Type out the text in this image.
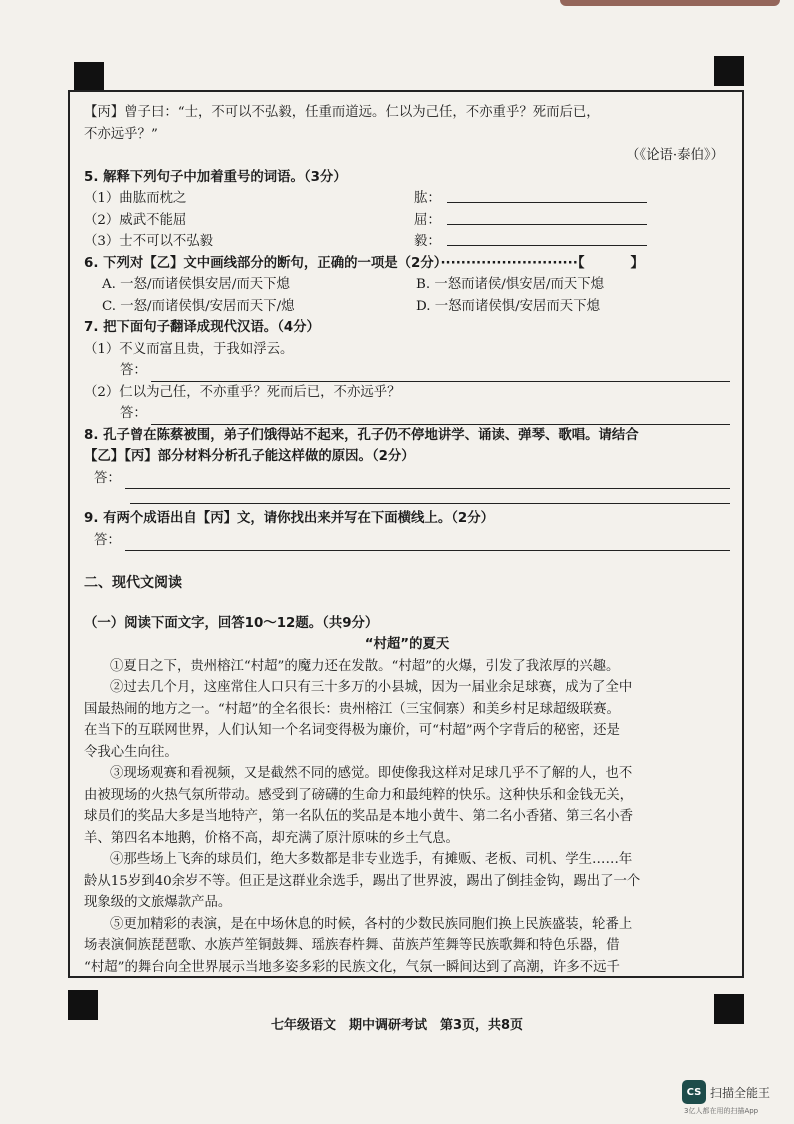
【丙】曾子曰：“士，不可以不弘毅，任重而道远。仁以为己任，不亦重乎？死而后已，
不亦远乎？”
（《论语·泰伯》）
5. 解释下列句子中加着重号的词语。（3分）
（1）曲肱而枕之	肱：
（2）威武不能屈	屈：
（3）士不可以不弘毅	毅：
6. 下列对【乙】文中画线部分的断句，正确的一项是（2分）···························【	】
A. 一怒/而诸侯惧安居/而天下熄	B. 一怒而诸侯/惧安居/而天下熄
C. 一怒/而诸侯惧/安居而天下/熄	D. 一怒而诸侯惧/安居而天下熄
7. 把下面句子翻译成现代汉语。（4分）
（1）不义而富且贵，于我如浮云。
答：
（2）仁以为己任，不亦重乎？死而后已，不亦远乎？
答：
8. 孔子曾在陈蔡被围，弟子们饿得站不起来，孔子仍不停地讲学、诵读、弹琴、歌唱。请结合
【乙】【丙】部分材料分析孔子能这样做的原因。（2分）
答：
9. 有两个成语出自【丙】文，请你找出来并写在下面横线上。（2分）
答：
二、现代文阅读
（一）阅读下面文字，回答10～12题。（共9分）
“村超”的夏天
①夏日之下，贵州榕江“村超”的魔力还在发散。“村超”的火爆，引发了我浓厚的兴趣。
②过去几个月，这座常住人口只有三十多万的小县城，因为一届业余足球赛，成为了全中
国最热闹的地方之一。“村超”的全名很长：贵州榕江（三宝侗寨）和美乡村足球超级联赛。
在当下的互联网世界，人们认知一个名词变得极为廉价，可“村超”两个字背后的秘密，还是
令我心生向往。
③现场观赛和看视频，又是截然不同的感觉。即使像我这样对足球几乎不了解的人，也不
由被现场的火热气氛所带动。感受到了磅礴的生命力和最纯粹的快乐。这种快乐和金钱无关，
球员们的奖品大多是当地特产，第一名队伍的奖品是本地小黄牛、第二名小香猪、第三名小香
羊、第四名本地鹅，价格不高，却充满了原汁原味的乡土气息。
④那些场上飞奔的球员们，绝大多数都是非专业选手，有摊贩、老板、司机、学生……年
龄从15岁到40余岁不等。但正是这群业余选手，踢出了世界波，踢出了倒挂金钩，踢出了一个
现象级的文旅爆款产品。
⑤更加精彩的表演，是在中场休息的时候，各村的少数民族同胞们换上民族盛装，轮番上
场表演侗族琵琶歌、水族芦笙铜鼓舞、瑶族春杵舞、苗族芦笙舞等民族歌舞和特色乐器，借
“村超”的舞台向全世界展示当地多姿多彩的民族文化，气氛一瞬间达到了高潮，许多不远千
七年级语文　期中调研考试　第3页，共8页
CS 扫描全能王
3亿人都在用的扫描App
